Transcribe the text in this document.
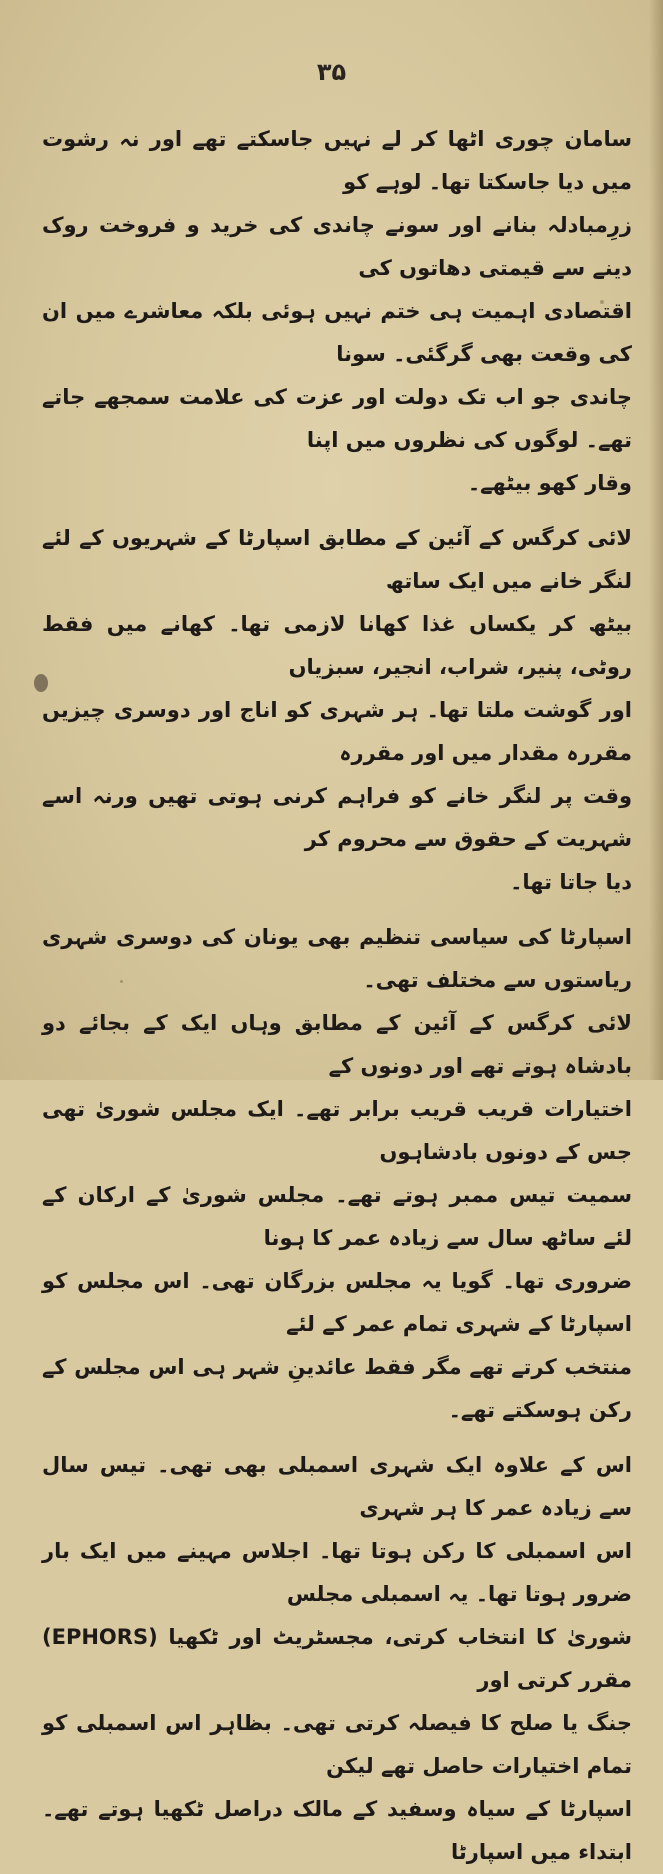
۳۵
سامان چوری اٹھا کر لے نہیں جاسکتے تھے اور نہ رشوت میں دیا جاسکتا تھا۔ لوہے کو
زرِمبادلہ بنانے اور سونے چاندی کی خرید و فروخت روک دینے سے قیمتی دھاتوں کی
اقتصادی اہمیت ہی ختم نہیں ہوئی بلکہ معاشرے میں ان کی وقعت بھی گرگئی۔ سونا
چاندی جو اب تک دولت اور عزت کی علامت سمجھے جاتے تھے۔ لوگوں کی نظروں میں اپنا
وقار کھو بیٹھے۔
لائی کرگس کے آئین کے مطابق اسپارٹا کے شہریوں کے لئے لنگر خانے میں ایک ساتھ
بیٹھ کر یکساں غذا کھانا لازمی تھا۔ کھانے میں فقط روٹی، پنیر، شراب، انجیر، سبزیاں
اور گوشت ملتا تھا۔ ہر شہری کو اناج اور دوسری چیزیں مقررہ مقدار میں اور مقررہ
وقت پر لنگر خانے کو فراہم کرنی ہوتی تھیں ورنہ اسے شہریت کے حقوق سے محروم کر
دیا جاتا تھا۔
اسپارٹا کی سیاسی تنظیم بھی یونان کی دوسری شہری ریاستوں سے مختلف تھی۔
لائی کرگس کے آئین کے مطابق وہاں ایک کے بجائے دو بادشاہ ہوتے تھے اور دونوں کے
اختیارات قریب قریب برابر تھے۔ ایک مجلس شوریٰ تھی جس کے دونوں بادشاہوں
سمیت تیس ممبر ہوتے تھے۔ مجلس شوریٰ کے ارکان کے لئے ساٹھ سال سے زیادہ عمر کا ہونا
ضروری تھا۔ گویا یہ مجلس بزرگان تھی۔ اس مجلس کو اسپارٹا کے شہری تمام عمر کے لئے
منتخب کرتے تھے مگر فقط عائدینِ شہر ہی اس مجلس کے رکن ہوسکتے تھے۔
اس کے علاوہ ایک شہری اسمبلی بھی تھی۔ تیس سال سے زیادہ عمر کا ہر شہری
اس اسمبلی کا رکن ہوتا تھا۔ اجلاس مہینے میں ایک بار ضرور ہوتا تھا۔ یہ اسمبلی مجلس
شوریٰ کا انتخاب کرتی، مجسٹریٹ اور ٹکھیا (EPHORS) مقرر کرتی اور
جنگ یا صلح کا فیصلہ کرتی تھی۔ بظاہر اس اسمبلی کو تمام اختیارات حاصل تھے لیکن
اسپارٹا کے سیاہ وسفید کے مالک دراصل ٹکھیا ہوتے تھے۔ ابتداء میں اسپارٹا
